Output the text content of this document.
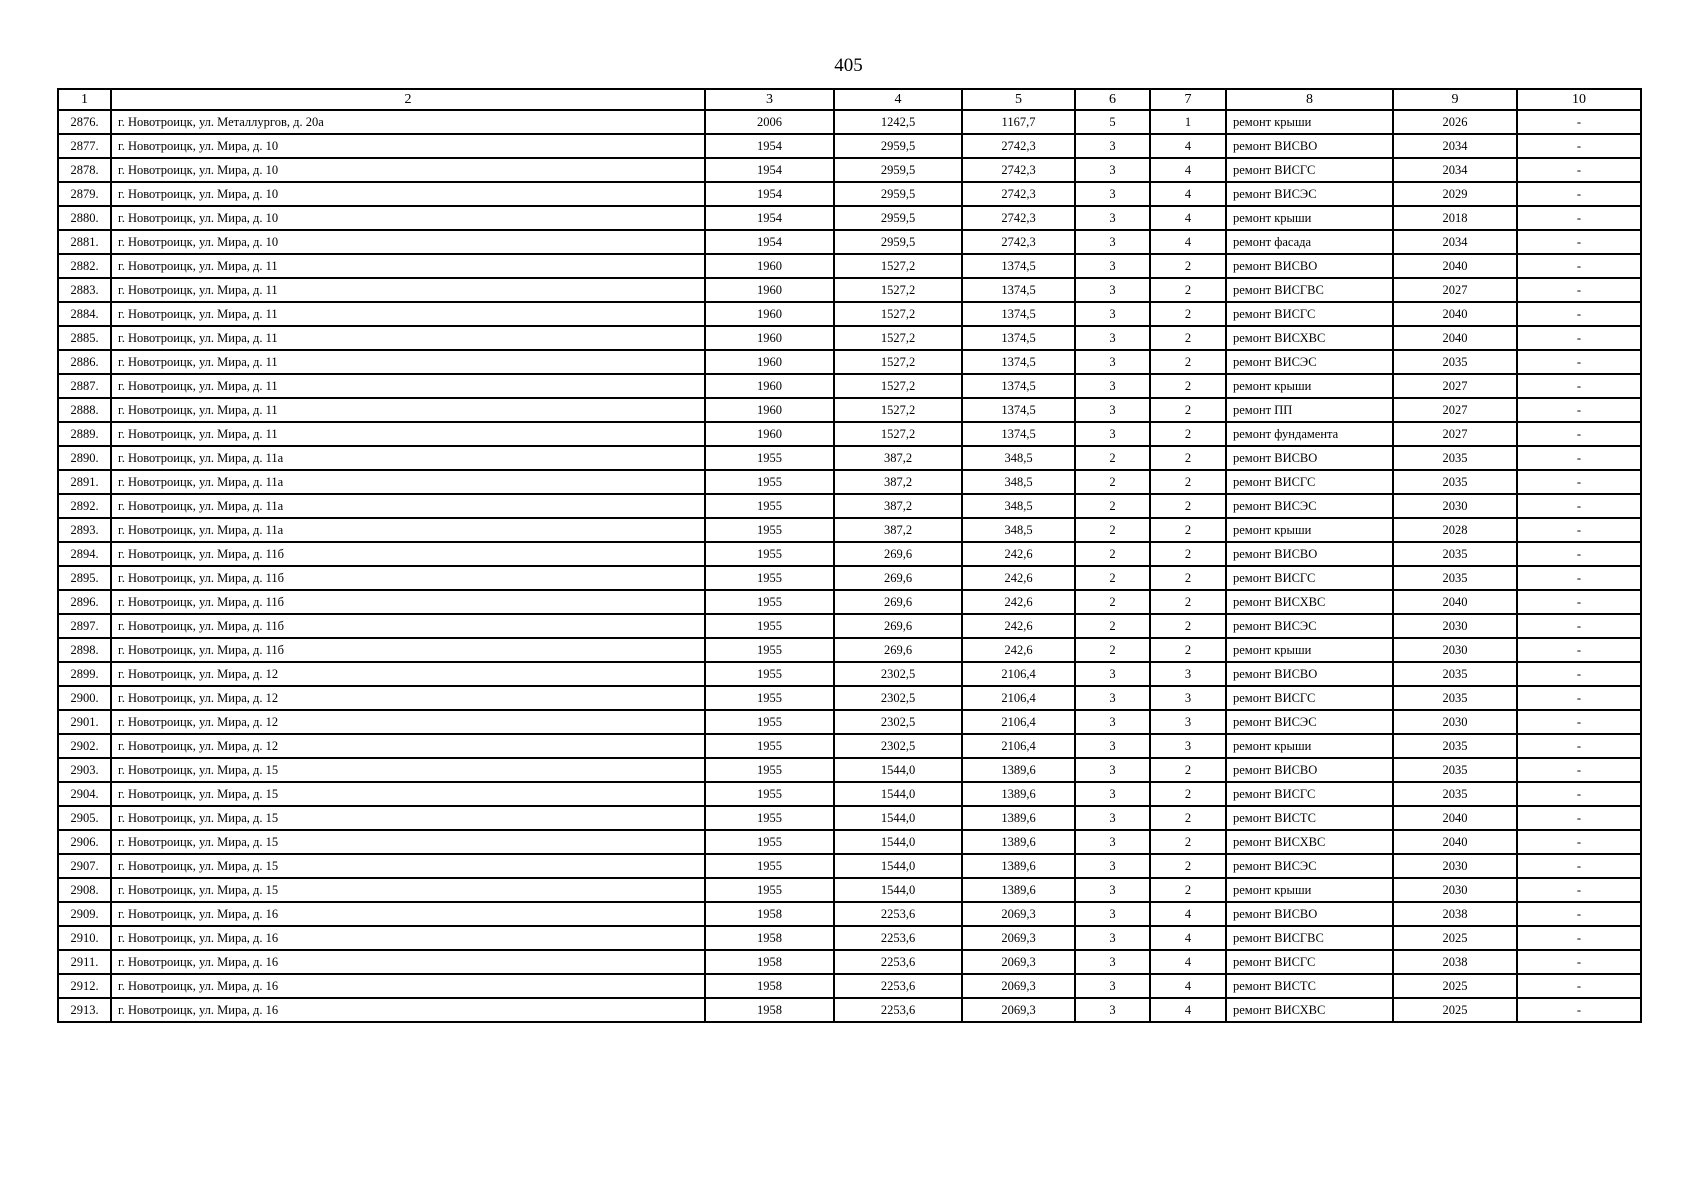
405
1	2	3	4	5	6	7	8	9	10
2876.	г. Новотроицк, ул. Металлургов, д. 20а	2006	1242,5	1167,7	5	1	ремонт крыши	2026	-
2877.	г. Новотроицк, ул. Мира, д. 10	1954	2959,5	2742,3	3	4	ремонт ВИСВО	2034	-
2878.	г. Новотроицк, ул. Мира, д. 10	1954	2959,5	2742,3	3	4	ремонт ВИСГС	2034	-
2879.	г. Новотроицк, ул. Мира, д. 10	1954	2959,5	2742,3	3	4	ремонт ВИСЭС	2029	-
2880.	г. Новотроицк, ул. Мира, д. 10	1954	2959,5	2742,3	3	4	ремонт крыши	2018	-
2881.	г. Новотроицк, ул. Мира, д. 10	1954	2959,5	2742,3	3	4	ремонт фасада	2034	-
2882.	г. Новотроицк, ул. Мира, д. 11	1960	1527,2	1374,5	3	2	ремонт ВИСВО	2040	-
2883.	г. Новотроицк, ул. Мира, д. 11	1960	1527,2	1374,5	3	2	ремонт ВИСГВС	2027	-
2884.	г. Новотроицк, ул. Мира, д. 11	1960	1527,2	1374,5	3	2	ремонт ВИСГС	2040	-
2885.	г. Новотроицк, ул. Мира, д. 11	1960	1527,2	1374,5	3	2	ремонт ВИСХВС	2040	-
2886.	г. Новотроицк, ул. Мира, д. 11	1960	1527,2	1374,5	3	2	ремонт ВИСЭС	2035	-
2887.	г. Новотроицк, ул. Мира, д. 11	1960	1527,2	1374,5	3	2	ремонт крыши	2027	-
2888.	г. Новотроицк, ул. Мира, д. 11	1960	1527,2	1374,5	3	2	ремонт ПП	2027	-
2889.	г. Новотроицк, ул. Мира, д. 11	1960	1527,2	1374,5	3	2	ремонт фундамента	2027	-
2890.	г. Новотроицк, ул. Мира, д. 11а	1955	387,2	348,5	2	2	ремонт ВИСВО	2035	-
2891.	г. Новотроицк, ул. Мира, д. 11а	1955	387,2	348,5	2	2	ремонт ВИСГС	2035	-
2892.	г. Новотроицк, ул. Мира, д. 11а	1955	387,2	348,5	2	2	ремонт ВИСЭС	2030	-
2893.	г. Новотроицк, ул. Мира, д. 11а	1955	387,2	348,5	2	2	ремонт крыши	2028	-
2894.	г. Новотроицк, ул. Мира, д. 11б	1955	269,6	242,6	2	2	ремонт ВИСВО	2035	-
2895.	г. Новотроицк, ул. Мира, д. 11б	1955	269,6	242,6	2	2	ремонт ВИСГС	2035	-
2896.	г. Новотроицк, ул. Мира, д. 11б	1955	269,6	242,6	2	2	ремонт ВИСХВС	2040	-
2897.	г. Новотроицк, ул. Мира, д. 11б	1955	269,6	242,6	2	2	ремонт ВИСЭС	2030	-
2898.	г. Новотроицк, ул. Мира, д. 11б	1955	269,6	242,6	2	2	ремонт крыши	2030	-
2899.	г. Новотроицк, ул. Мира, д. 12	1955	2302,5	2106,4	3	3	ремонт ВИСВО	2035	-
2900.	г. Новотроицк, ул. Мира, д. 12	1955	2302,5	2106,4	3	3	ремонт ВИСГС	2035	-
2901.	г. Новотроицк, ул. Мира, д. 12	1955	2302,5	2106,4	3	3	ремонт ВИСЭС	2030	-
2902.	г. Новотроицк, ул. Мира, д. 12	1955	2302,5	2106,4	3	3	ремонт крыши	2035	-
2903.	г. Новотроицк, ул. Мира, д. 15	1955	1544,0	1389,6	3	2	ремонт ВИСВО	2035	-
2904.	г. Новотроицк, ул. Мира, д. 15	1955	1544,0	1389,6	3	2	ремонт ВИСГС	2035	-
2905.	г. Новотроицк, ул. Мира, д. 15	1955	1544,0	1389,6	3	2	ремонт ВИСТС	2040	-
2906.	г. Новотроицк, ул. Мира, д. 15	1955	1544,0	1389,6	3	2	ремонт ВИСХВС	2040	-
2907.	г. Новотроицк, ул. Мира, д. 15	1955	1544,0	1389,6	3	2	ремонт ВИСЭС	2030	-
2908.	г. Новотроицк, ул. Мира, д. 15	1955	1544,0	1389,6	3	2	ремонт крыши	2030	-
2909.	г. Новотроицк, ул. Мира, д. 16	1958	2253,6	2069,3	3	4	ремонт ВИСВО	2038	-
2910.	г. Новотроицк, ул. Мира, д. 16	1958	2253,6	2069,3	3	4	ремонт ВИСГВС	2025	-
2911.	г. Новотроицк, ул. Мира, д. 16	1958	2253,6	2069,3	3	4	ремонт ВИСГС	2038	-
2912.	г. Новотроицк, ул. Мира, д. 16	1958	2253,6	2069,3	3	4	ремонт ВИСТС	2025	-
2913.	г. Новотроицк, ул. Мира, д. 16	1958	2253,6	2069,3	3	4	ремонт ВИСХВС	2025	-
